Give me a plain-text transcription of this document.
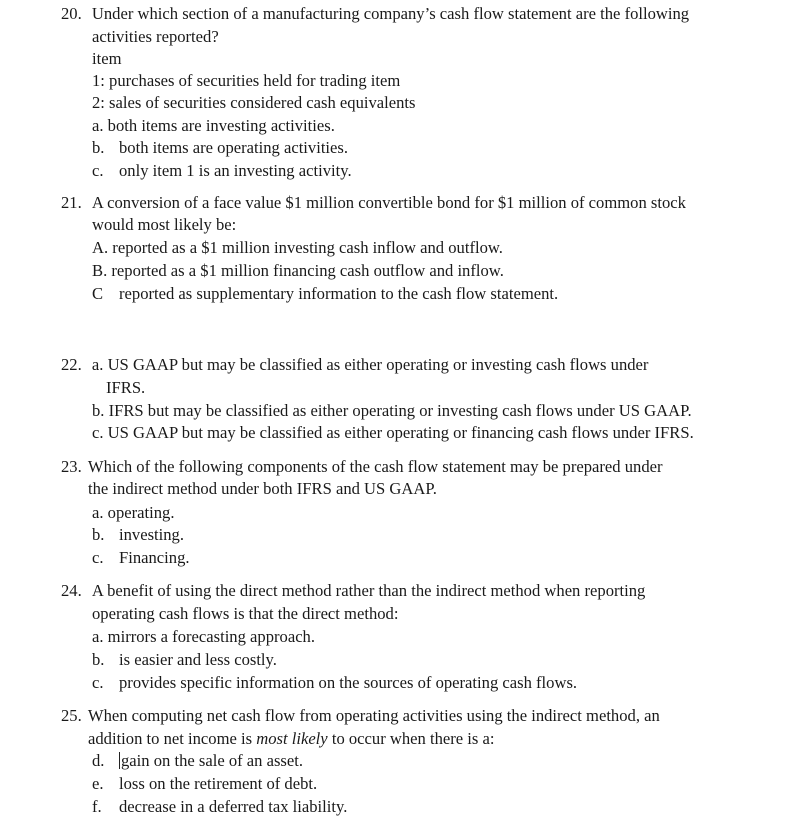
20. Under which section of a manufacturing company’s cash flow statement are the following
activities reported?
item
1: purchases of securities held for trading item
2: sales of securities considered cash equivalents
a. both items are investing activities.
b. both items are operating activities.
c. only item 1 is an investing activity.
21. A conversion of a face value $1 million convertible bond for $1 million of common stock
would most likely be:
A. reported as a $1 million investing cash inflow and outflow.
B. reported as a $1 million financing cash outflow and inflow.
C reported as supplementary information to the cash flow statement.
22. a. US GAAP but may be classified as either operating or investing cash flows under
IFRS.
b. IFRS but may be classified as either operating or investing cash flows under US GAAP.
c. US GAAP but may be classified as either operating or financing cash flows under IFRS.
23. Which of the following components of the cash flow statement may be prepared under
the indirect method under both IFRS and US GAAP.
a. operating.
b. investing.
c. Financing.
24. A benefit of using the direct method rather than the indirect method when reporting
operating cash flows is that the direct method:
a. mirrors a forecasting approach.
b. is easier and less costly.
c. provides specific information on the sources of operating cash flows.
25. When computing net cash flow from operating activities using the indirect method, an
addition to net income is most likely to occur when there is a:
d. gain on the sale of an asset.
e. loss on the retirement of debt.
f. decrease in a deferred tax liability.
